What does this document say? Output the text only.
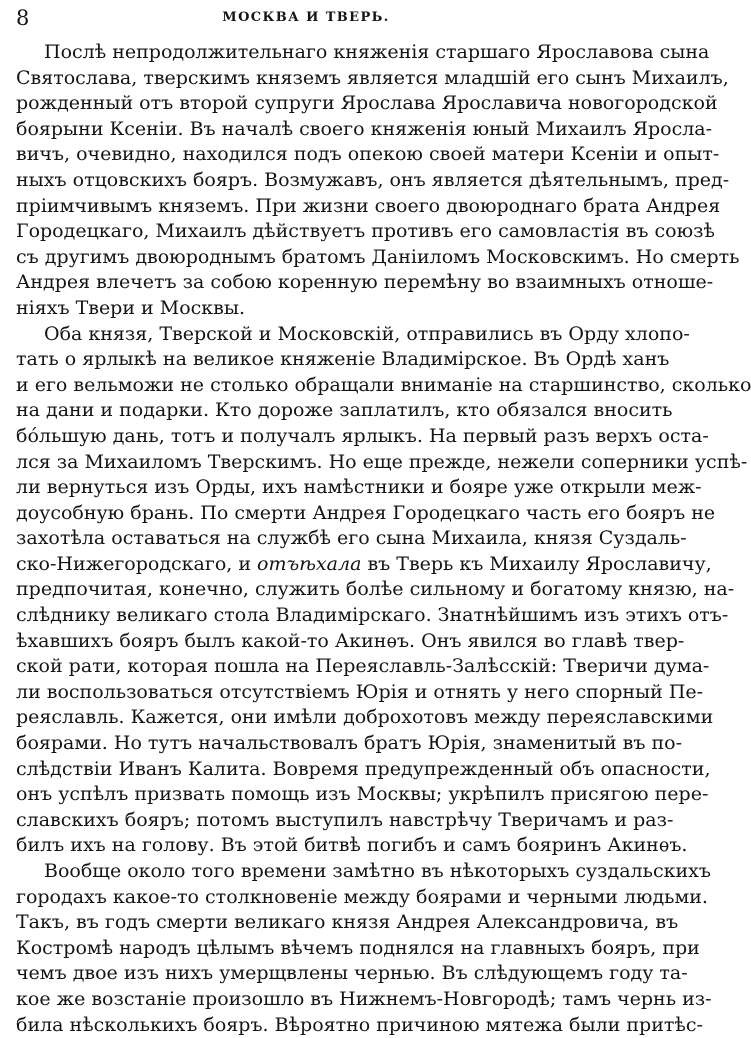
8	МОСКВА И ТВЕРЬ.
Послѣ непродолжительнаго княженія старшаго Ярославова сына
Святослава, тверскимъ княземъ является младшій его сынъ Михаилъ,
рожденный отъ второй супруги Ярослава Ярославича новогородской
боярыни Ксеніи. Въ началѣ своего княженія юный Михаилъ Яросла-
вичъ, очевидно, находился подъ опекою своей матери Ксеніи и опыт-
ныхъ отцовскихъ бояръ. Возмужавъ, онъ является дѣятельнымъ, пред-
пріимчивымъ княземъ. При жизни своего двоюроднаго брата Андрея
Городецкаго, Михаилъ дѣйствуетъ противъ его самовластія въ союзѣ
съ другимъ двоюроднымъ братомъ Даніиломъ Московскимъ. Но смерть
Андрея влечетъ за собою коренную перемѣну во взаимныхъ отноше-
ніяхъ Твери и Москвы.
Оба князя, Тверской и Московскій, отправились въ Орду хлопо-
тать о ярлыкѣ на великое княженіе Владимірское. Въ Ордѣ ханъ
и его вельможи не столько обращали вниманіе на старшинство, сколько
на дани и подарки. Кто дороже заплатилъ, кто обязался вносить
бóльшую дань, тотъ и получалъ ярлыкъ. На первый разъ верхъ оста-
лся за Михаиломъ Тверскимъ. Но еще прежде, нежели соперники успѣ-
ли вернуться изъ Орды, ихъ намѣстники и бояре уже открыли меж-
доусобную брань. По смерти Андрея Городецкаго часть его бояръ не
захотѣла оставаться на службѣ его сына Михаила, князя Суздаль-
ско-Нижегородскаго, и отъѣхала въ Тверь къ Михаилу Ярославичу,
предпочитая, конечно, служить болѣе сильному и богатому князю, на-
слѣднику великаго стола Владимірскаго. Знатнѣйшимъ изъ этихъ отъ-
ѣхавшихъ бояръ былъ какой-то Акинѳъ. Онъ явился во главѣ твер-
ской рати, которая пошла на Переяславль-Залѣсскій: Тверичи дума-
ли воспользоваться отсутствіемъ Юрія и отнять у него спорный Пе-
реяславль. Кажется, они имѣли доброхотовъ между переяславскими
боярами. Но тутъ начальствовалъ братъ Юрія, знаменитый въ по-
слѣдствіи Иванъ Калита. Вовремя предупрежденный объ опасности,
онъ успѣлъ призвать помощь изъ Москвы; укрѣпилъ присягою пере-
славскихъ бояръ; потомъ выступилъ навстрѣчу Тверичамъ и раз-
билъ ихъ на голову. Въ этой битвѣ погибъ и самъ бояринъ Акинѳъ.
Вообще около того времени замѣтно въ нѣкоторыхъ суздальскихъ
городахъ какое-то столкновеніе между боярами и черными людьми.
Такъ, въ годъ смерти великаго князя Андрея Александровича, въ
Костромѣ народъ цѣлымъ вѣчемъ поднялся на главныхъ бояръ, при
чемъ двое изъ нихъ умерщвлены чернью. Въ слѣдующемъ году та-
кое же возстаніе произошло въ Нижнемъ-Новгородѣ; тамъ чернь из-
била нѣсколькихъ бояръ. Вѣроятно причиною мятежа были притѣс-
